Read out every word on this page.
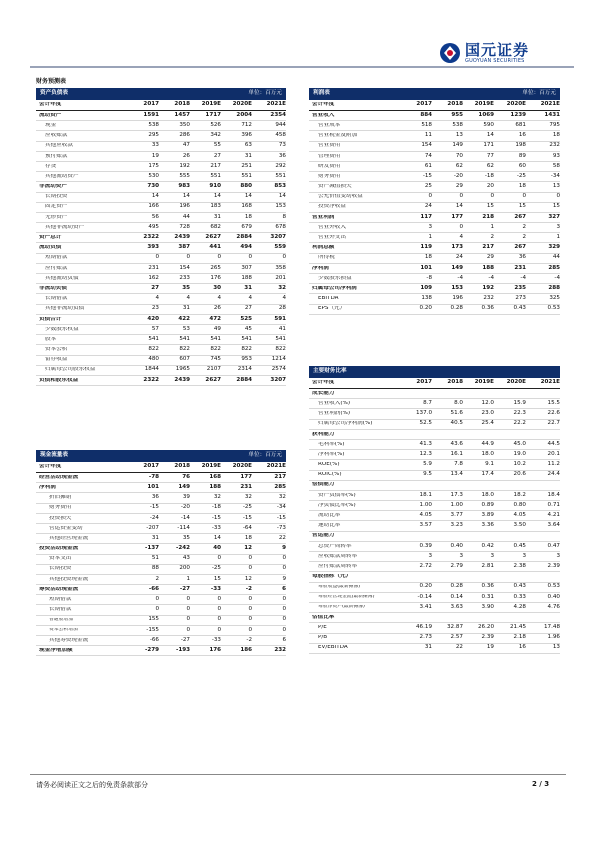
国元证券
GUOYUAN SECURITIES
财务预测表
资产负债表	单位：百万元
会计年度	2017	2018	2019E	2020E	2021E
流动资产	1591	1457	1717	2004	2354
现金	538	350	526	712	944
应收账款	295	286	342	396	458
其他应收款	33	47	55	63	73
预付账款	19	26	27	31	36
存货	175	192	217	251	292
其他流动资产	530	555	551	551	551
非流动资产	730	983	910	880	853
长期投资	14	14	14	14	14
固定资产	166	196	183	168	153
无形资产	56	44	31	18	8
其他非流动资产	495	728	682	679	678
资产总计	2322	2439	2627	2884	3207
流动负债	393	387	441	494	559
短期借款	0	0	0	0	0
应付账款	231	154	265	307	358
其他流动负债	162	233	176	188	201
非流动负债	27	35	30	31	32
长期借款	4	4	4	4	4
其他非流动负债	23	31	26	27	28
负债合计	420	422	472	525	591
少数股东权益	57	53	49	45	41
股本	541	541	541	541	541
资本公积	822	822	822	822	822
留存收益	480	607	745	953	1214
归属母公司股东权益	1844	1965	2107	2314	2574
负债和股东权益	2322	2439	2627	2884	3207
利润表	单位：百万元
会计年度	2017	2018	2019E	2020E	2021E
营业收入	884	955	1069	1239	1431
营业成本	518	538	590	681	795
营业税金及附加	11	13	14	16	18
营业费用	154	149	171	198	232
管理费用	74	70	77	89	93
研发费用	61	62	62	60	58
财务费用	-15	-20	-18	-25	-34
资产减值损失	25	29	20	18	13
公允价值变动收益	0	0	0	0	0
投资净收益	24	14	15	15	15
营业利润	117	177	218	267	327
营业外收入	3	0	1	2	3
营业外支出	1	4	2	2	1
利润总额	119	173	217	267	329
所得税	18	24	29	36	44
净利润	101	149	188	231	285
少数股东损益	-8	-4	-4	-4	-4
归属母公司净利润	109	153	192	235	288
EBITDA	138	196	232	273	325
EPS（元）	0.20	0.28	0.36	0.43	0.53
主要财务比率
会计年度	2017	2018	2019E	2020E	2021E
成长能力
营业收入(%)	8.7	8.0	12.0	15.9	15.5
营业利润(%)	137.0	51.6	23.0	22.3	22.6
归属母公司净利润(%)	52.5	40.5	25.4	22.2	22.7
获利能力
毛利率(%)	41.3	43.6	44.9	45.0	44.5
净利率(%)	12.3	16.1	18.0	19.0	20.1
ROE(%)	5.9	7.8	9.1	10.2	11.2
ROIC(%)	9.5	13.4	17.4	20.6	24.4
偿债能力
资产负债率(%)	18.1	17.3	18.0	18.2	18.4
净负债比率(%)	1.00	1.00	0.89	0.80	0.71
流动比率	4.05	3.77	3.89	4.05	4.21
速动比率	3.57	3.23	3.36	3.50	3.64
营运能力
总资产周转率	0.39	0.40	0.42	0.45	0.47
应收账款周转率	3	3	3	3	3
应付账款周转率	2.72	2.79	2.81	2.38	2.39
每股指标（元）
每股收益(最新摊薄)	0.20	0.28	0.36	0.43	0.53
每股经营现金流(最新摊薄)	-0.14	0.14	0.31	0.33	0.40
每股净资产(最新摊薄)	3.41	3.63	3.90	4.28	4.76
估值比率
P/E	46.19	32.87	26.20	21.45	17.48
P/B	2.73	2.57	2.39	2.18	1.96
EV/EBITDA	31	22	19	16	13
现金流量表	单位：百万元
会计年度	2017	2018	2019E	2020E	2021E
经营活动现金流	-78	76	168	177	217
净利润	101	149	188	231	285
折旧摊销	36	39	32	32	32
财务费用	-15	-20	-18	-25	-34
投资损失	-24	-14	-15	-15	-15
营运资金变动	-207	-114	-33	-64	-73
其他经营现金流	31	35	14	18	22
投资活动现金流	-137	-242	40	12	9
资本支出	51	43	0	0	0
长期投资	88	200	-25	0	0
其他投资现金流	2	1	15	12	9
筹资活动现金流	-66	-27	-33	-2	6
短期借款	0	0	0	0	0
长期借款	0	0	0	0	0
普通股增加	155	0	0	0	0
资本公积增加	-155	0	0	0	0
其他筹资现金流	-66	-27	-33	-2	6
现金净增加额	-279	-193	176	186	232
请务必阅读正文之后的免责条款部分	2 / 3
